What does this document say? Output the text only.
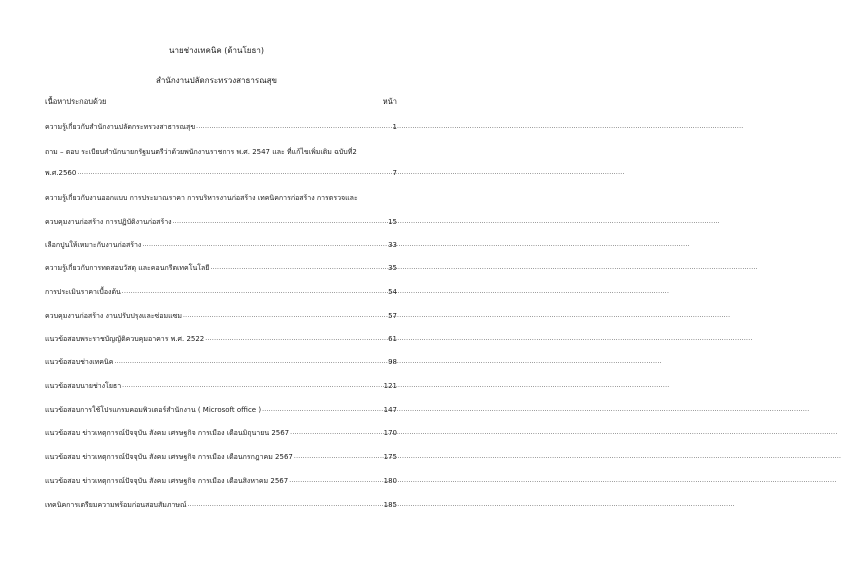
นายช่างเทคนิค (ด้านโยธา)
สำนักงานปลัดกระทรวงสาธารณสุข
เนื้อหาประกอบด้วย	หน้า
ความรู้เกี่ยวกับสำนักงานปลัดกระทรวงสาธารณสุข .....	1
ถาม – ตอบ ระเบียบสำนักนายกรัฐมนตรีว่าด้วยพนักงานราชการ พ.ศ. 2547 และ ที่แก้ไขเพิ่มเติม ฉบับที่2
พ.ศ.2560 .....	7
ความรู้เกี่ยวกับงานออกแบบ การประมาณราคา การบริหารงานก่อสร้าง เทคนิคการก่อสร้าง การตรวจและ
ควบคุมงานก่อสร้าง การปฏิบัติงานก่อสร้าง .....	15
เลือกปูนให้เหมาะกับงานก่อสร้าง .....	33
ความรู้เกี่ยวกับการทดสอบวัสดุ และคอนกรีตเทคโนโลยี .....	35
การประเมินราคาเบื้องต้น .....	54
ควบคุมงานก่อสร้าง งานปรับปรุงและซ่อมแซม .....	57
แนวข้อสอบพระราชบัญญัติควบคุมอาคาร พ.ศ. 2522 .....	61
แนวข้อสอบช่างเทคนิค .....	98
แนวข้อสอบนายช่างโยธา .....	121
แนวข้อสอบการใช้โปรแกรมคอมพิวเตอร์สำนักงาน ( Microsoft office ) .....	147
แนวข้อสอบ ข่าวเหตุการณ์ปัจจุบัน สังคม เศรษฐกิจ การเมือง เดือนมิถุนายน 2567 .....	170
แนวข้อสอบ ข่าวเหตุการณ์ปัจจุบัน สังคม เศรษฐกิจ การเมือง เดือนกรกฎาคม 2567 .....	175
แนวข้อสอบ ข่าวเหตุการณ์ปัจจุบัน สังคม เศรษฐกิจ การเมือง เดือนสิงหาคม 2567 .....	180
เทคนิคการเตรียมความพร้อมก่อนสอบสัมภาษณ์ .....	185
